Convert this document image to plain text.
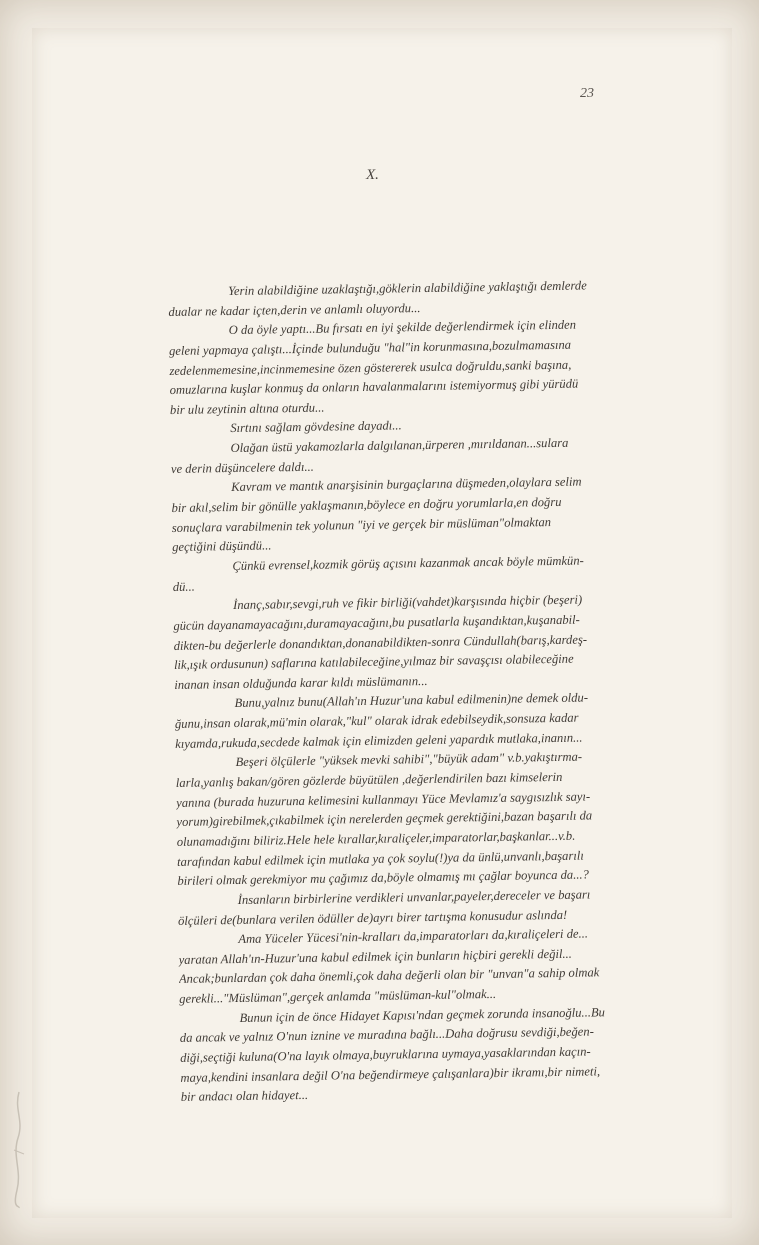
23
X.
Yerin alabildiğine uzaklaştığı,göklerin alabildiğine yaklaştığı demlerde
dualar ne kadar içten,derin ve anlamlı oluyordu...
O da öyle yaptı...Bu fırsatı en iyi şekilde değerlendirmek için elinden
geleni yapmaya çalıştı...İçinde bulunduğu "hal"in korunmasına,bozulmamasına
zedelenmemesine,incinmemesine özen göstererek usulca doğruldu,sanki başına,
omuzlarına kuşlar konmuş da onların havalanmalarını istemiyormuş gibi yürüdü
bir ulu zeytinin altına oturdu...
Sırtını sağlam gövdesine dayadı...
Olağan üstü yakamozlarla dalgılanan,ürperen ,mırıldanan...sulara
ve derin düşüncelere daldı...
Kavram ve mantık anarşisinin burgaçlarına düşmeden,olaylara selim
bir akıl,selim bir gönülle yaklaşmanın,böylece en doğru yorumlarla,en doğru
sonuçlara varabilmenin tek yolunun "iyi ve gerçek bir müslüman"olmaktan
geçtiğini düşündü...
Çünkü evrensel,kozmik görüş açısını kazanmak ancak böyle mümkün-
dü...
İnanç,sabır,sevgi,ruh ve fikir birliği(vahdet)karşısında hiçbir (beşeri)
gücün dayanamayacağını,duramayacağını,bu pusatlarla kuşandıktan,kuşanabil-
dikten-bu değerlerle donandıktan,donanabildikten-sonra Cündullah(barış,kardeş-
lik,ışık ordusunun) saflarına katılabileceğine,yılmaz bir savaşçısı olabileceğine
inanan insan olduğunda karar kıldı müslümanın...
Bunu,yalnız bunu(Allah'ın Huzur'una kabul edilmenin)ne demek oldu-
ğunu,insan olarak,mü'min olarak,"kul" olarak idrak edebilseydik,sonsuza kadar
kıyamda,rukuda,secdede kalmak için elimizden geleni yapardık mutlaka,inanın...
Beşeri ölçülerle "yüksek mevki sahibi","büyük adam" v.b.yakıştırma-
larla,yanlış bakan/gören gözlerde büyütülen ,değerlendirilen bazı kimselerin
yanına (burada huzuruna kelimesini kullanmayı Yüce Mevlamız'a saygısızlık sayı-
yorum)girebilmek,çıkabilmek için nerelerden geçmek gerektiğini,bazan başarılı da
olunamadığını biliriz.Hele hele kırallar,kıraliçeler,imparatorlar,başkanlar...v.b.
tarafından kabul edilmek için mutlaka ya çok soylu(!)ya da ünlü,unvanlı,başarılı
birileri olmak gerekmiyor mu çağımız da,böyle olmamış mı çağlar boyunca da...?
İnsanların birbirlerine verdikleri unvanlar,payeler,dereceler ve başarı
ölçüleri de(bunlara verilen ödüller de)ayrı birer tartışma konusudur aslında!
Ama Yüceler Yücesi'nin-kralları da,imparatorları da,kıraliçeleri de...
yaratan Allah'ın-Huzur'una kabul edilmek için bunların hiçbiri gerekli değil...
Ancak;bunlardan çok daha önemli,çok daha değerli olan bir "unvan"a sahip olmak
gerekli..."Müslüman",gerçek anlamda "müslüman-kul"olmak...
Bunun için de önce Hidayet Kapısı'ndan geçmek zorunda insanoğlu...Bu
da ancak ve yalnız O'nun iznine ve muradına bağlı...Daha doğrusu sevdiği,beğen-
diği,seçtiği kuluna(O'na layık olmaya,buyruklarına uymaya,yasaklarından kaçın-
maya,kendini insanlara değil O'na beğendirmeye çalışanlara)bir ikramı,bir nimeti,
bir andacı olan hidayet...
